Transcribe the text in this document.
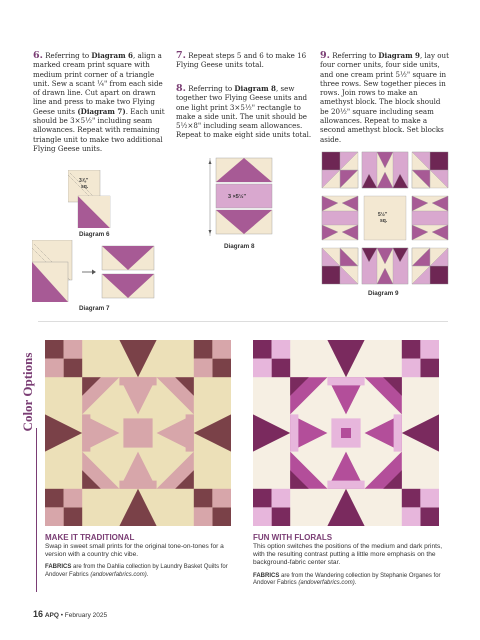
6. Referring to Diagram 6, align a marked cream print square with medium print corner of a triangle unit. Sew a scant ¼" from each side of drawn line. Cut apart on drawn line and press to make two Flying Geese units (Diagram 7). Each unit should be 3×5½" including seam allowances. Repeat with remaining triangle unit to make two additional Flying Geese units.
7. Repeat steps 5 and 6 to make 16 Flying Geese units total.
8. Referring to Diagram 8, sew together two Flying Geese units and one light print 3×5½" rectangle to make a side unit. The unit should be 5½×8" including seam allowances. Repeat to make eight side units total.
9. Referring to Diagram 9, lay out four corner units, four side units, and one cream print 5½" square in three rows. Sew together pieces in rows. Join rows to make an amethyst block. The block should be 20½" square including seam allowances. Repeat to make a second amethyst block. Set blocks aside.
3⅞"
sq.
Diagram 6
Diagram 7
3 ×5½"
Diagram 8
5½"
sq.
Diagram 9
Color Options
MAKE IT TRADITIONAL
Swap in sweet small prints for the original tone-on-tones for a version with a country chic vibe.
FABRICS are from the Dahlia collection by Laundry Basket Quilts for Andover Fabrics (andoverfabrics.com).
FUN WITH FLORALS
This option switches the positions of the medium and dark prints, with the resulting contrast putting a little more emphasis on the background-fabric center star.
FABRICS are from the Wandering collection by Stephanie Organes for Andover Fabrics (andoverfabrics.com).
16 APQ • February 2025
